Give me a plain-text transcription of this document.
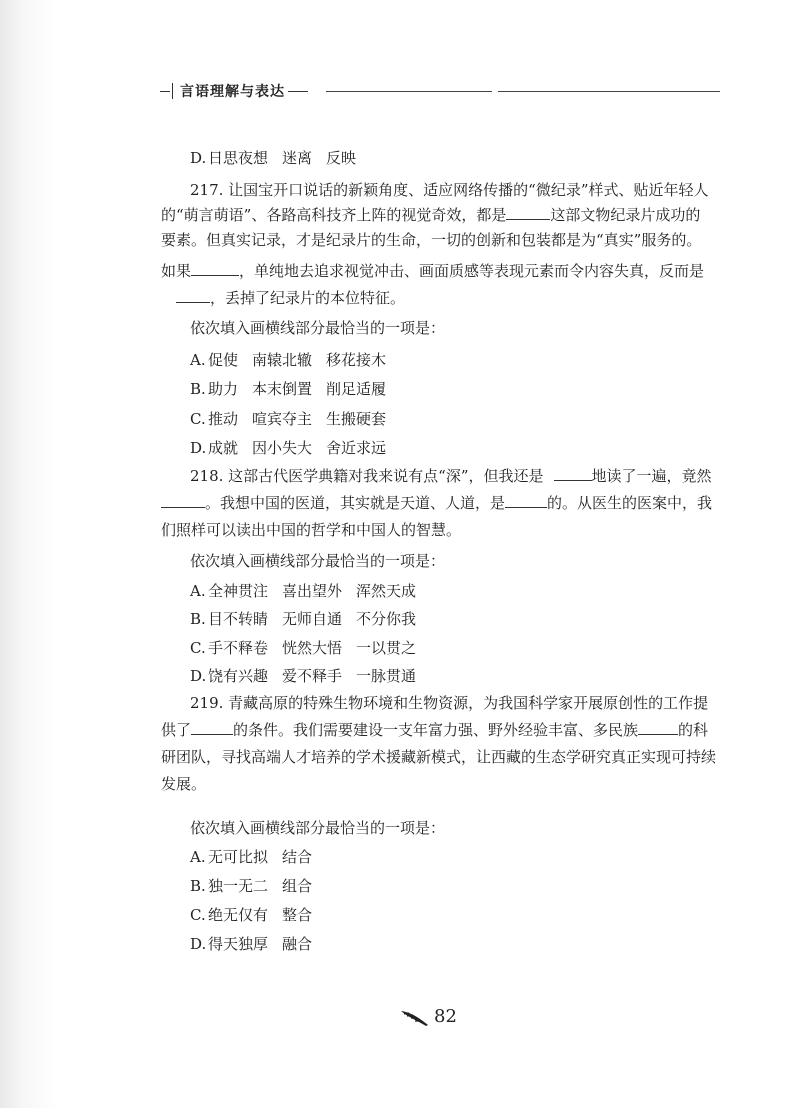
言语理解与表达
D. 日思夜想 迷离 反映
217. 让国宝开口说话的新颖角度、适应网络传播的“微纪录”样式、贴近年轻人
的“萌言萌语”、各路高科技齐上阵的视觉奇效，都是	这部文物纪录片成功的
要素。但真实记录，才是纪录片的生命，一切的创新和包装都是为“真实”服务的。
如果	，单纯地去追求视觉冲击、画面质感等表现元素而令内容失真，反而是
，丢掉了纪录片的本位特征。
依次填入画横线部分最恰当的一项是：
A. 促使 南辕北辙 移花接木
B. 助力 本末倒置 削足适履
C. 推动 喧宾夺主 生搬硬套
D. 成就 因小失大 舍近求远
218. 这部古代医学典籍对我来说有点“深”，但我还是	地读了一遍，竟然
。我想中国的医道，其实就是天道、人道，是	的。从医生的医案中，我
们照样可以读出中国的哲学和中国人的智慧。
依次填入画横线部分最恰当的一项是：
A. 全神贯注 喜出望外 浑然天成
B. 目不转睛 无师自通 不分你我
C. 手不释卷 恍然大悟 一以贯之
D. 饶有兴趣 爱不释手 一脉贯通
219. 青藏高原的特殊生物环境和生物资源，为我国科学家开展原创性的工作提
供了	的条件。我们需要建设一支年富力强、野外经验丰富、多民族	的科
研团队，寻找高端人才培养的学术援藏新模式，让西藏的生态学研究真正实现可持续
发展。
依次填入画横线部分最恰当的一项是：
A. 无可比拟 结合
B. 独一无二 组合
C. 绝无仅有 整合
D. 得天独厚 融合
82
